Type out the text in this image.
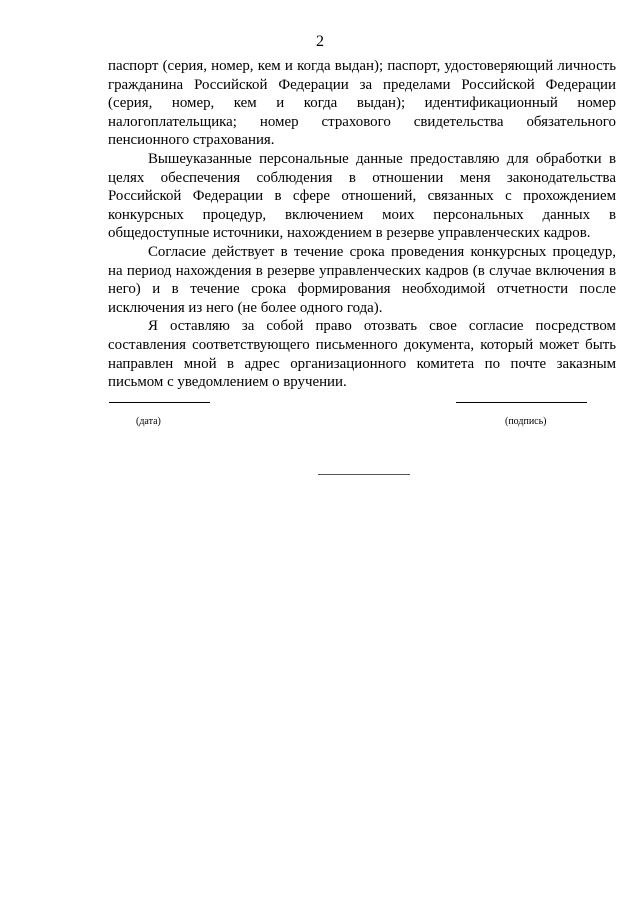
2

паспорт (серия, номер, кем и когда выдан); паспорт, удостоверяющий личность гражданина Российской Федерации за пределами Российской Федерации (серия, номер, кем и когда выдан); идентификационный номер налогоплательщика; номер страхового свидетельства обязательного пенсионного страхования.

Вышеуказанные персональные данные предоставляю для обработки в целях обеспечения соблюдения в отношении меня законодательства Российской Федерации в сфере отношений, связанных с прохождением конкурсных процедур, включением моих персональных данных в общедоступные источники, нахождением в резерве управленческих кадров.

Согласие действует в течение срока проведения конкурсных процедур, на период нахождения в резерве управленческих кадров (в случае включения в него) и в течение срока формирования необходимой отчетности после исключения из него (не более одного года).

Я оставляю за собой право отозвать свое согласие посредством составления соответствующего письменного документа, который может быть направлен мной в адрес организационного комитета по почте заказным письмом с уведомлением о вручении.

(дата)	(подпись)
